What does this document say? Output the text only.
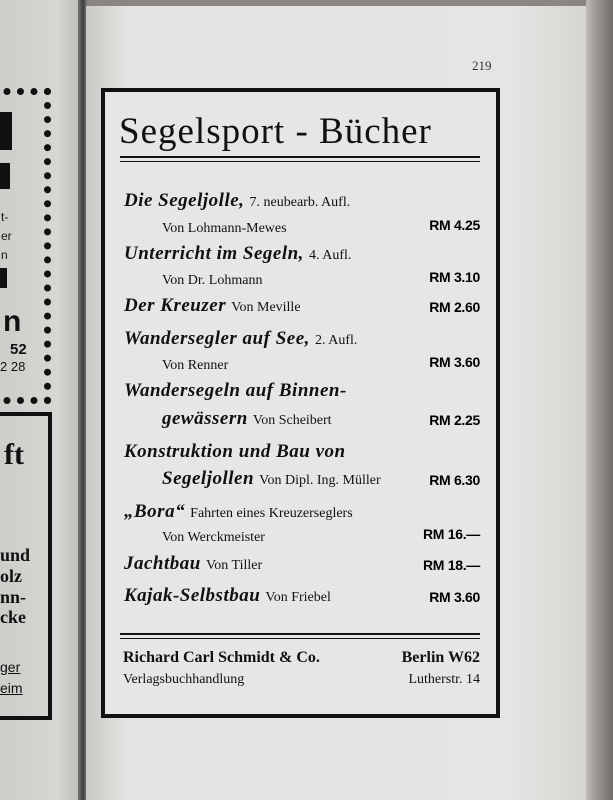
t-
er
n
n
52
2 28
ft
und
olz
nn-
cke
ger
eim
219
Segelsport - Bücher
Die Segeljolle, 7. neubearb. Aufl.
Von Lohmann-Mewes	RM 4.25
Unterricht im Segeln, 4. Aufl.
Von Dr. Lohmann	RM 3.10
Der Kreuzer Von Meville	RM 2.60
Wandersegler auf See, 2. Aufl.
Von Renner	RM 3.60
Wandersegeln auf Binnen-
gewässern Von Scheibert	RM 2.25
Konstruktion und Bau von
Segeljollen Von Dipl. Ing. Müller	RM 6.30
„Bora“ Fahrten eines Kreuzerseglers
Von Werckmeister	RM 16.—
Jachtbau Von Tiller	RM 18.—
Kajak-Selbstbau Von Friebel	RM 3.60
Richard Carl Schmidt & Co.	Berlin W62
Verlagsbuchhandlung	Lutherstr. 14
